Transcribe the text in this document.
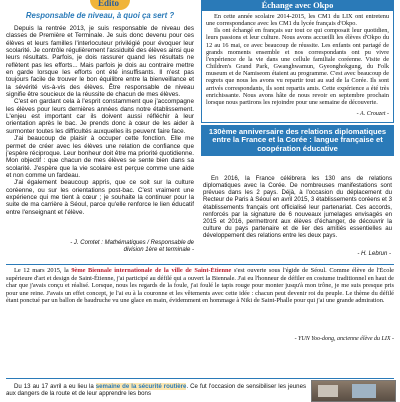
Edito
Responsable de niveau, à quoi ça sert ?

Depuis la rentrée 2013, je suis responsable de niveau des classes de Première et Terminale. Je suis donc devenu pour ces élèves et leurs familles l'interlocuteur privilégié pour évoquer leur scolarité. Je contrôle régulièrement l'assiduité des élèves ainsi que leurs résultats. Parfois, je dois rassurer quand les résultats ne reflètent pas les efforts... Mais parfois je dois au contraire mettre en garde lorsque les efforts ont été insuffisants. Il n'est pas toujours facile de trouver le bon équilibre entre la bienveillance et la sévérité vis-à-vis des élèves. Être responsable de niveau signifie être soucieux de la réussite de chacun de mes élèves.

C'est en gardant cela à l'esprit constamment que j'accompagne les élèves pour leurs dernières années dans notre établissement. L'enjeu est important car ils doivent aussi réfléchir à leur orientation après le bac. Je prends donc à cœur de les aider à surmonter toutes les difficultés auxquelles ils peuvent faire face.

J'ai beaucoup de plaisir à occuper cette fonction. Elle me permet de créer avec les élèves une relation de confiance que j'espère réciproque. Leur bonheur doit être ma priorité quotidienne. Mon objectif : que chacun de mes élèves se sente bien dans sa scolarité. J'espère que la vie scolaire est perçue comme une aide et non comme un fardeau.

J'ai également beaucoup appris, que ce soit sur la culture coréenne, ou sur les orientations post-bac. C'est vraiment une expérience qui me tient à cœur ; je souhaite la continuer pour la suite de ma carrière à Séoul, parce qu'elle renforce le lien éducatif entre l'enseignant et l'élève.

- J. Comtet : Mathématiques / Responsable de
division 1ère et terminale -
Échange avec Okpo

En cette année scolaire 2014-2015, les CM1 du LIX ont entretenu une correspondance avec les CM1 du lycée français d'Okpo.

Ils ont échangé en français sur tout ce qui composait leur quotidien, leurs passions et leur culture. Nous avons accueilli les élèves d'Okpo du 12 au 16 mai, ce avec beaucoup de réussite. Les enfants ont partagé de grands moments ensemble et nos correspondants ont pu vivre l'expérience de la vie dans une cellule familiale coréenne. Visite de Children's Grand Park, Gwanghwamun, Gyeonghokgung, du Folk museum et de Namiseom étaient au programme. C'est avec beaucoup de regrets que nous les avons vu repartir tout au sud de la Corée. Ils sont arrivés correspondants, ils sont repartis amis. Cette expérience a été très enrichissante. Nous avons hâte de nous revoir en septembre prochain lorsque nous partirons les rejoindre pour une semaine de découverte.

- A. Crouzet -
130ème anniversaire des relations diplomatiques entre la France et la Corée : langue française et coopération éducative

En 2016, la France célébrera les 130 ans de relations diplomatiques avec la Corée. De nombreuses manifestations sont prévues dans les 2 pays. Déjà, à l'occasion du déplacement du Recteur de Paris à Séoul en avril 2015, 3 établissements coréens et 3 établissements français ont officialisé leur partenariat. Ces accords, renforcés par la signature de 6 nouveaux jumelages envisagés en 2015 et 2016, permettront aux élèves d'échanger, de découvrir la culture du pays partenaire et de lier des amitiés essentielles au développement des relations entre les deux pays.

- H. Lebrun -

Le 12 mars 2015, la 9ème Biennale internationale de la ville de Saint-Étienne s'est ouverte sous l'égide de Séoul. Comme élève de l'École supérieure d'art et design de Saint-Étienne, j'ai participé au défilé qui a ouvert la Biennale. J'ai eu l'honneur de défiler en costume traditionnel en haut de char que j'avais conçu et réalisé. Lorsque, nous les regards de la foule, j'ai foulé le tapis rouge pour monter jusqu'à mon trône, je me suis presque pris pour une reine. J'avais un effet concept, je l'ai eu à la couronne et les vêtements avec cette idée : chacun peut devenir roi du peuple. Le thème du défilé étant ponctué par un ballon de baudruche vu une glace en main, évidemment en hommage à Niki de Saint-Phalle pour qui j'ai une grande admiration.

- YUN Yoo-dong, ancienne élève du LIX -

Du 13 au 17 avril a eu lieu la semaine de la sécurité routière. Ce fut l'occasion de sensibiliser les jeunes aux dangers de la route et de leur apprendre les bons
